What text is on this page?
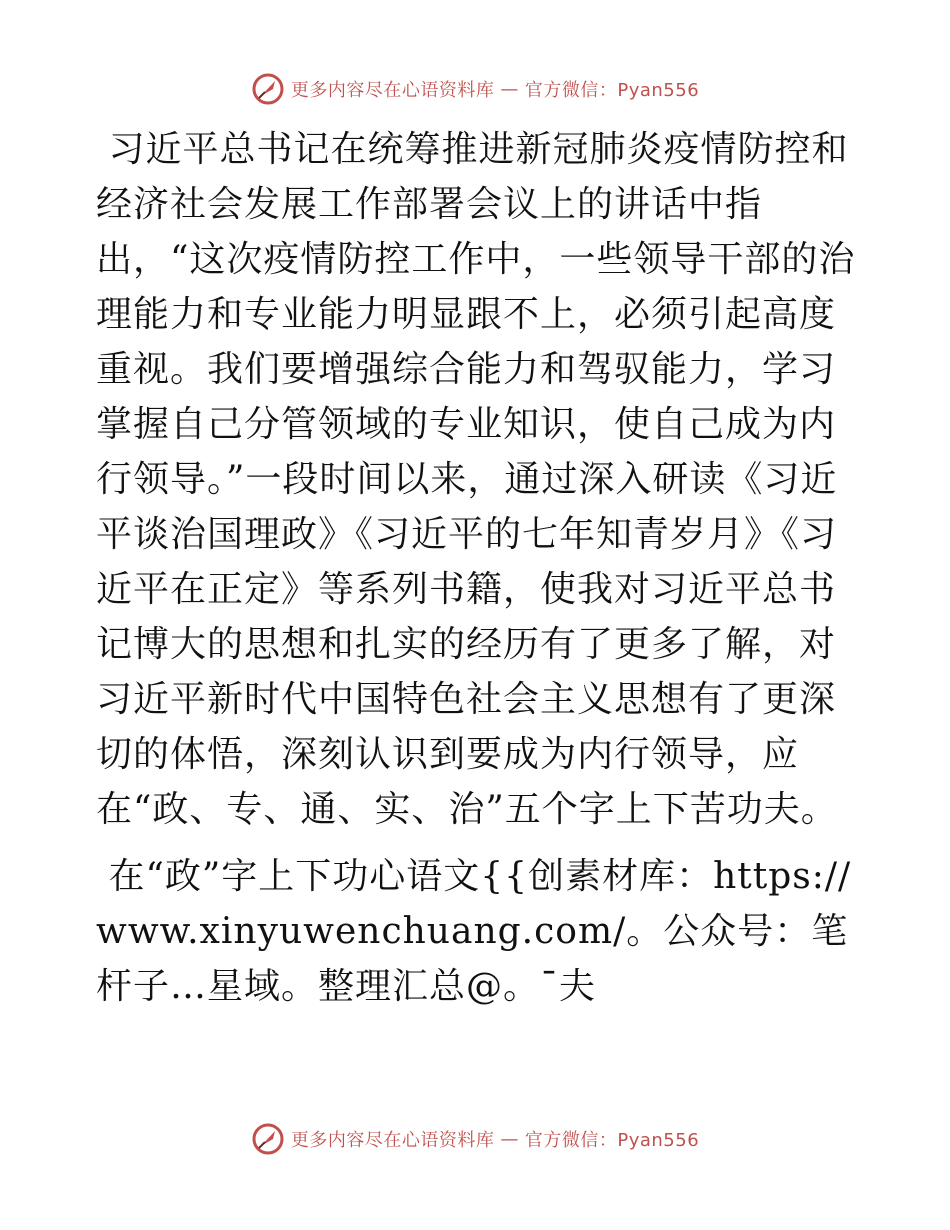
更多内容尽在心语资料库 — 官方微信：Pyan556

习近平总书记在统筹推进新冠肺炎疫情防控和经济社会发展工作部署会议上的讲话中指出，“这次疫情防控工作中，一些领导干部的治理能力和专业能力明显跟不上，必须引起高度重视。我们要增强综合能力和驾驭能力，学习掌握自己分管领域的专业知识，使自己成为内行领导。”一段时间以来，通过深入研读《习近平谈治国理政》《习近平的七年知青岁月》《习近平在正定》等系列书籍，使我对习近平总书记博大的思想和扎实的经历有了更多了解，对习近平新时代中国特色社会主义思想有了更深切的体悟，深刻认识到要成为内行领导，应在“政、专、通、实、治”五个字上下苦功夫。

在“政”字上下功心语文{{创素材库：https://www.xinyuwenchuang.com/。公众号：笔杆子…星域。整理汇总@。¯夫

更多内容尽在心语资料库 — 官方微信：Pyan556
